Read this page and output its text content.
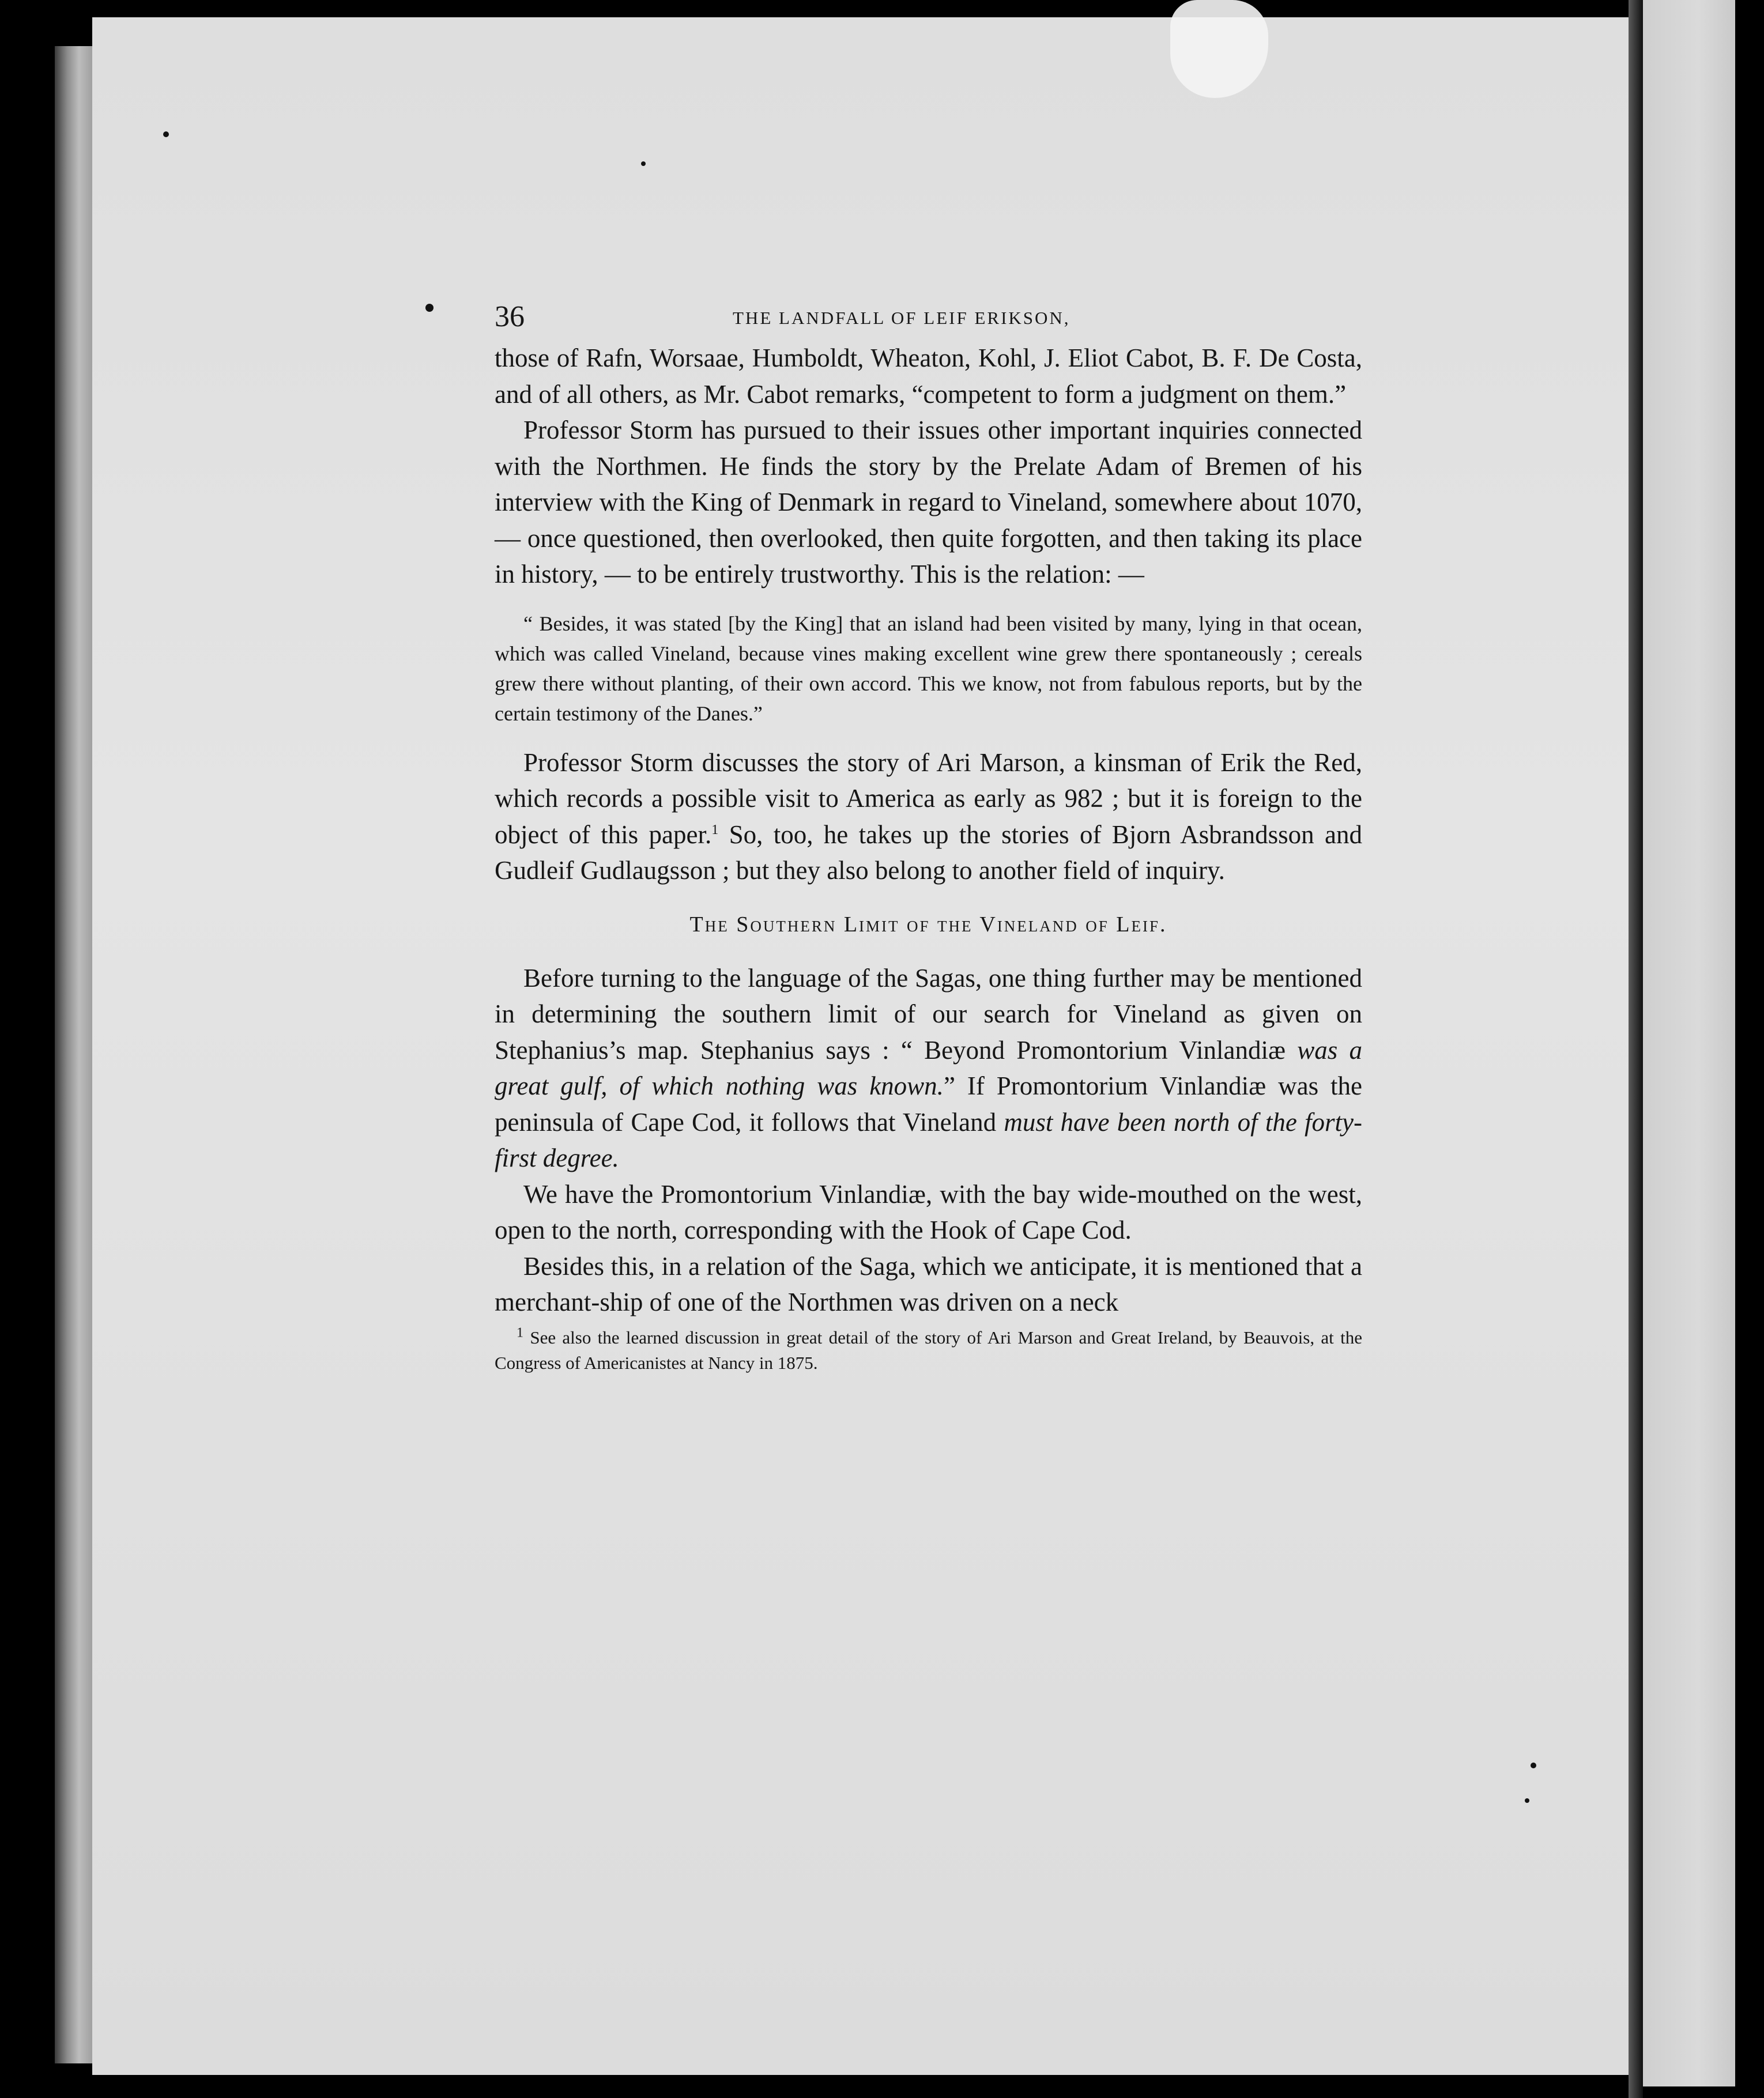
36	THE LANDFALL OF LEIF ERIKSON,

those of Rafn, Worsaae, Humboldt, Wheaton, Kohl, J. Eliot Cabot, B. F. De Costa, and of all others, as Mr. Cabot remarks, “competent to form a judgment on them.”

Professor Storm has pursued to their issues other important inquiries connected with the Northmen. He finds the story by the Prelate Adam of Bremen of his interview with the King of Denmark in regard to Vineland, somewhere about 1070, — once questioned, then overlooked, then quite forgotten, and then taking its place in history, — to be entirely trustworthy. This is the relation: —

“ Besides, it was stated [by the King] that an island had been visited by many, lying in that ocean, which was called Vineland, because vines making excellent wine grew there spontaneously ; cereals grew there without planting, of their own accord. This we know, not from fabulous reports, but by the certain testimony of the Danes.”

Professor Storm discusses the story of Ari Marson, a kinsman of Erik the Red, which records a possible visit to America as early as 982 ; but it is foreign to the object of this paper.$^1$ So, too, he takes up the stories of Bjorn Asbrandsson and Gudleif Gudlaugsson ; but they also belong to another field of inquiry.

The Southern Limit of the Vineland of Leif.

Before turning to the language of the Sagas, one thing further may be mentioned in determining the southern limit of our search for Vineland as given on Stephanius’s map. Stephanius says : “ Beyond Promontorium Vinlandiæ was a great gulf, of which nothing was known.” If Promontorium Vinlandiæ was the peninsula of Cape Cod, it follows that Vineland must have been north of the forty-first degree.

We have the Promontorium Vinlandiæ, with the bay wide-mouthed on the west, open to the north, corresponding with the Hook of Cape Cod.

Besides this, in a relation of the Saga, which we anticipate, it is mentioned that a merchant-ship of one of the Northmen was driven on a neck

$^1$ See also the learned discussion in great detail of the story of Ari Marson and Great Ireland, by Beauvois, at the Congress of Americanistes at Nancy in 1875.
